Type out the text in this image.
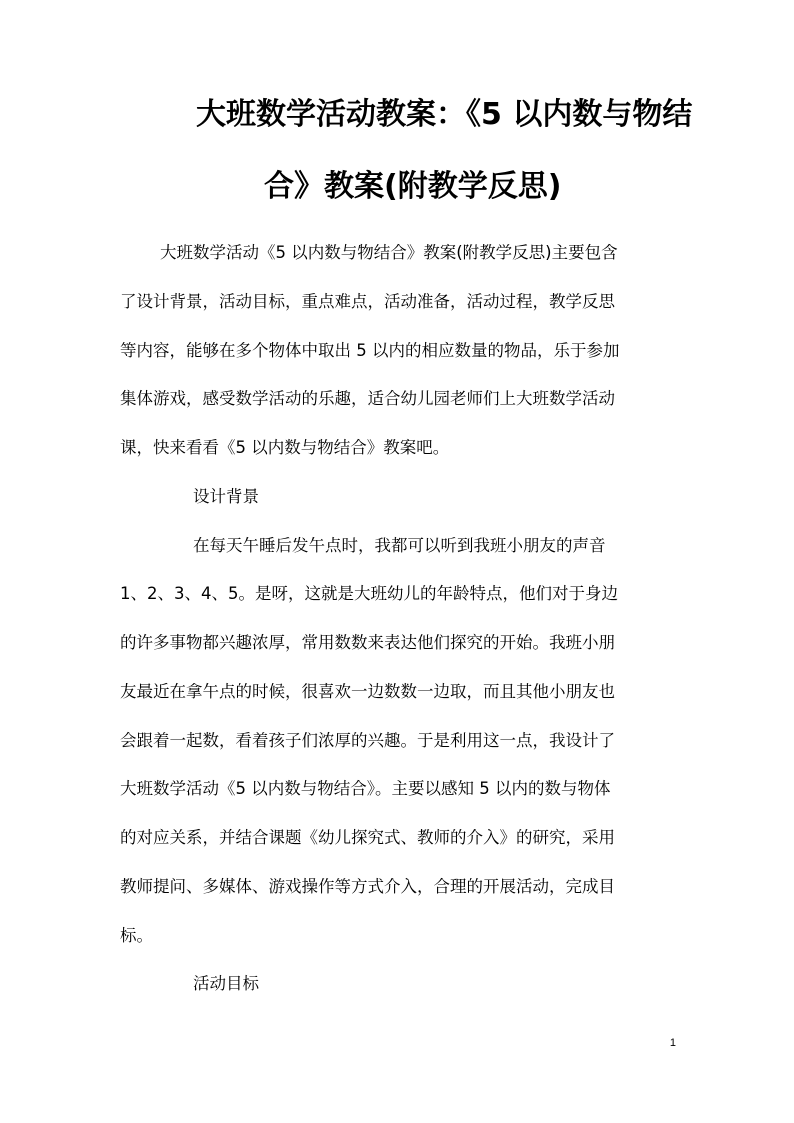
大班数学活动教案：《5 以内数与物结
合》教案(附教学反思)
大班数学活动《5 以内数与物结合》教案(附教学反思)主要包含
了设计背景，活动目标，重点难点，活动准备，活动过程，教学反思
等内容，能够在多个物体中取出 5 以内的相应数量的物品，乐于参加
集体游戏，感受数学活动的乐趣，适合幼儿园老师们上大班数学活动
课，快来看看《5 以内数与物结合》教案吧。
设计背景
在每天午睡后发午点时，我都可以听到我班小朋友的声音
1、2、3、4、5。是呀，这就是大班幼儿的年龄特点，他们对于身边
的许多事物都兴趣浓厚，常用数数来表达他们探究的开始。我班小朋
友最近在拿午点的时候，很喜欢一边数数一边取，而且其他小朋友也
会跟着一起数，看着孩子们浓厚的兴趣。于是利用这一点，我设计了
大班数学活动《5 以内数与物结合》。主要以感知 5 以内的数与物体
的对应关系，并结合课题《幼儿探究式、教师的介入》的研究，采用
教师提问、多媒体、游戏操作等方式介入，合理的开展活动，完成目
标。
活动目标
1
